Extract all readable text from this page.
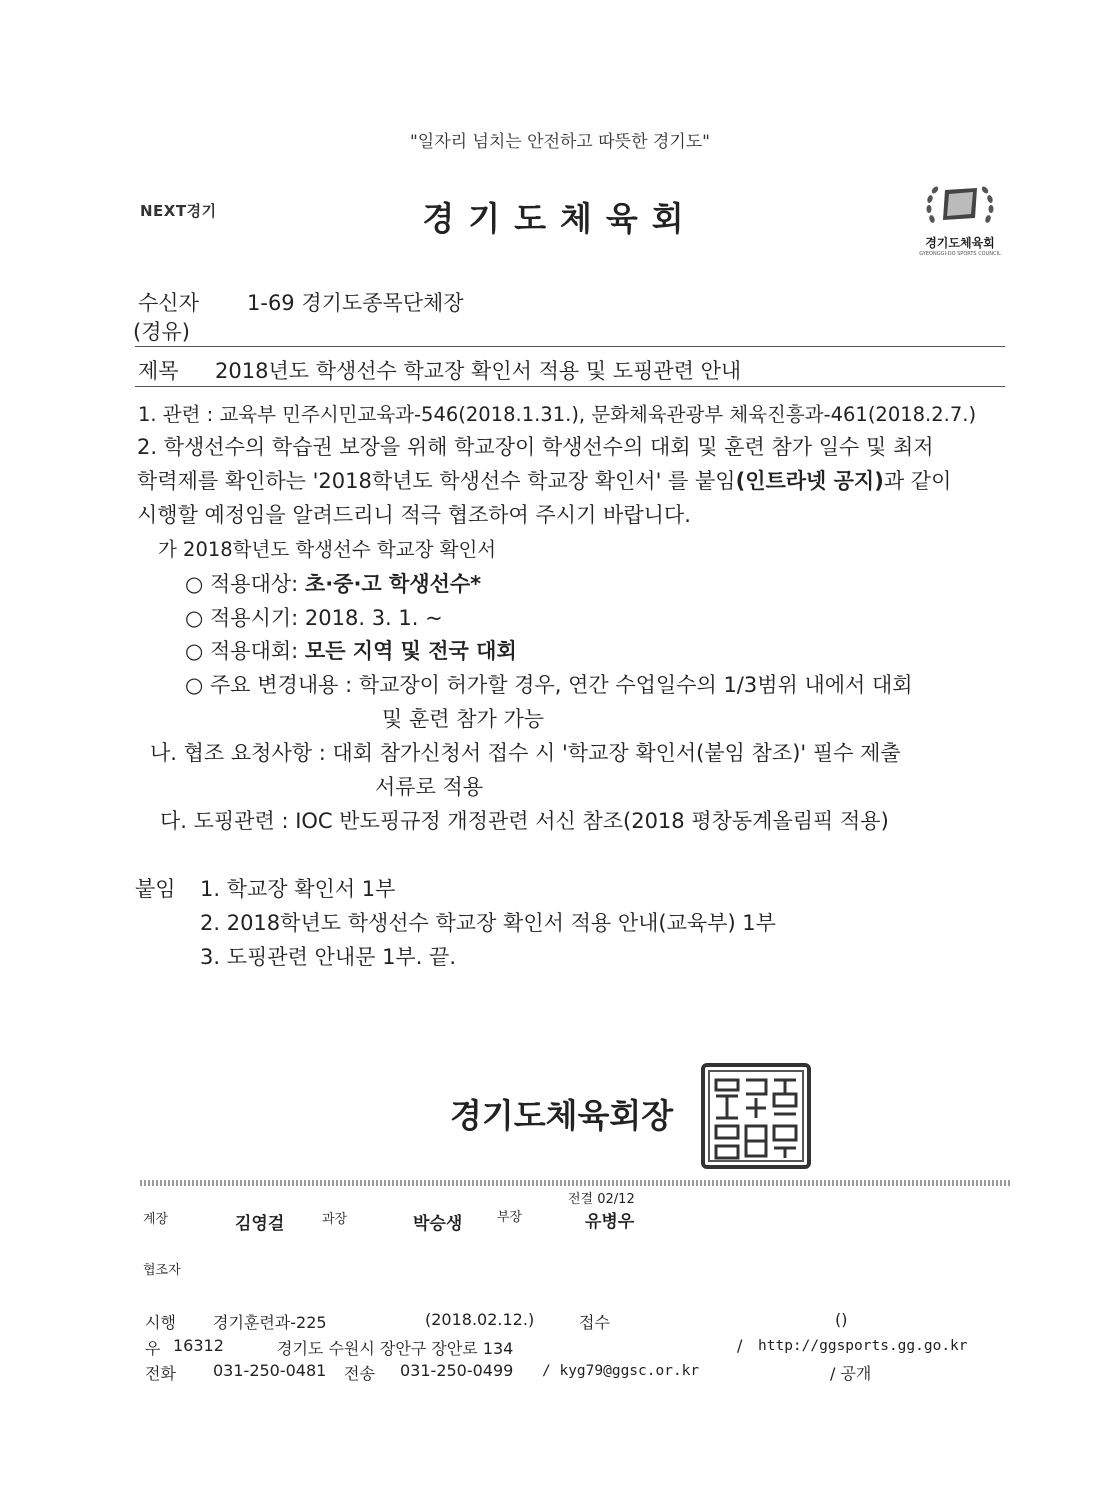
"일자리 넘치는 안전하고 따뜻한 경기도"
NEXT경기	경기도체육회
경기도체육회
GYEONGGI-DO SPORTS COUNCIL
수신자 1-69 경기도종목단체장
(경유)
제목 2018년도 학생선수 학교장 확인서 적용 및 도핑관련 안내
1. 관련 : 교육부 민주시민교육과-546(2018.1.31.), 문화체육관광부 체육진흥과-461(2018.2.7.)
2. 학생선수의 학습권 보장을 위해 학교장이 학생선수의 대회 및 훈련 참가 일수 및 최저
학력제를 확인하는 '2018학년도 학생선수 학교장 확인서' 를 붙임(인트라넷 공지)과 같이
시행할 예정임을 알려드리니 적극 협조하여 주시기 바랍니다.
가 2018학년도 학생선수 학교장 확인서
○ 적용대상: 초·중·고 학생선수*
○ 적용시기: 2018. 3. 1. ~
○ 적용대회: 모든 지역 및 전국 대회
○ 주요 변경내용 : 학교장이 허가할 경우, 연간 수업일수의 1/3범위 내에서 대회
및 훈련 참가 가능
나. 협조 요청사항 : 대회 참가신청서 접수 시 '학교장 확인서(붙임 참조)' 필수 제출
서류로 적용
다. 도핑관련 : IOC 반도핑규정 개정관련 서신 참조(2018 평창동계올림픽 적용)
붙임 1. 학교장 확인서 1부
2. 2018학년도 학생선수 학교장 확인서 적용 안내(교육부) 1부
3. 도핑관련 안내문 1부. 끝.
경기도체육회장
전결 02/12
계장	김영걸	과장	박승생	부장	유병우
협조자
시행 경기훈련과-225	(2018.02.12.)	접수	()
우 16312	경기도 수원시 장안구 장안로 134	/ http://ggsports.gg.go.kr
전화 031-250-0481 전송 031-250-0499 / kyg79@ggsc.or.kr	/ 공개
